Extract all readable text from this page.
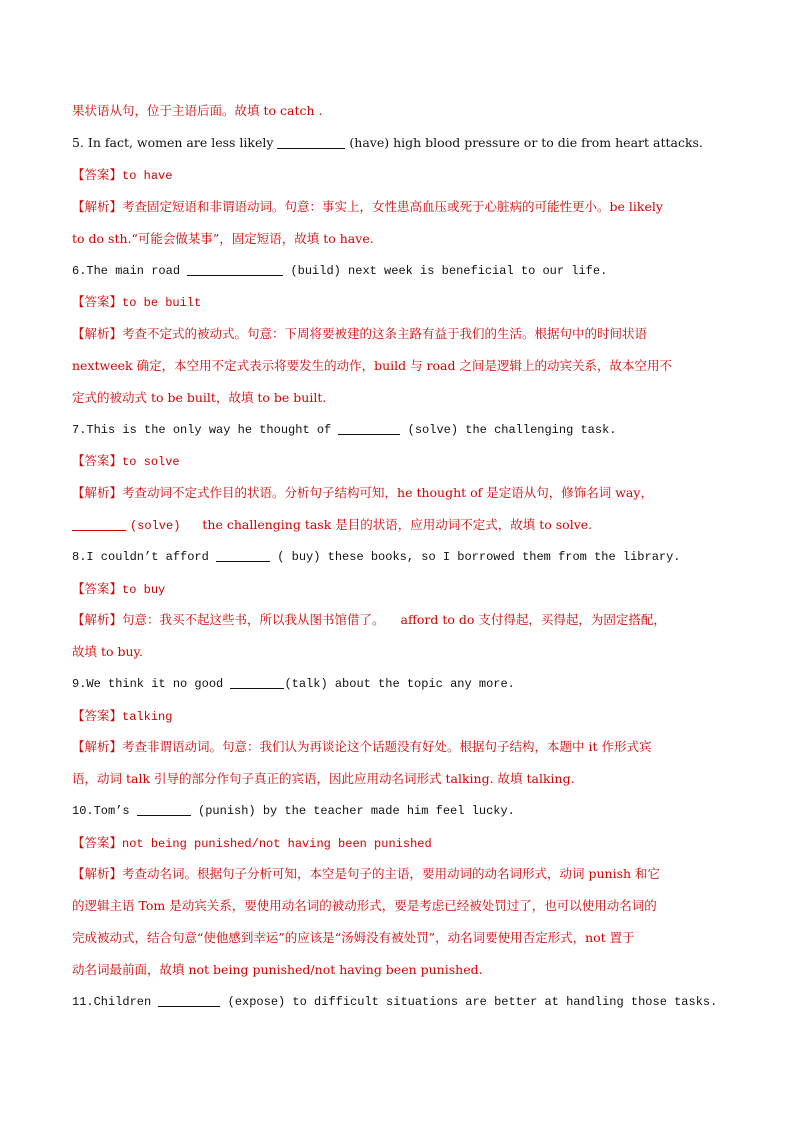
果状语从句，位于主语后面。故填 to catch .
5. In fact, women are less likely	(have) high blood pressure or to die from heart attacks.
【答案】to have
【解析】考查固定短语和非谓语动词。句意：事实上，女性患高血压或死于心脏病的可能性更小。be likely
to do sth.“可能会做某事”，固定短语，故填 to have.
6.The main road	(build) next week is beneficial to our life.
【答案】to be built
【解析】考查不定式的被动式。句意：下周将要被建的这条主路有益于我们的生活。根据句中的时间状语
nextweek 确定，本空用不定式表示将要发生的动作，build 与 road 之间是逻辑上的动宾关系，故本空用不
定式的被动式 to be built，故填 to be built.
7.This is the only way he thought of	(solve) the challenging task.
【答案】to solve
【解析】考查动词不定式作目的状语。分析句子结构可知，he thought of 是定语从句，修饰名词 way，
(solve) the challenging task 是目的状语，应用动词不定式，故填 to solve.
8.I couldn’t afford	( buy) these books, so I borrowed them from the library.
【答案】to buy
【解析】句意：我买不起这些书，所以我从图书馆借了。 afford to do 支付得起，买得起，为固定搭配，
故填 to buy.
9.We think it no good	(talk) about the topic any more.
【答案】talking
【解析】考查非谓语动词。句意：我们认为再谈论这个话题没有好处。根据句子结构，本题中 it 作形式宾
语，动词 talk 引导的部分作句子真正的宾语，因此应用动名词形式 talking. 故填 talking.
10.Tom’s	(punish) by the teacher made him feel lucky.
【答案】not being punished/not having been punished
【解析】考查动名词。根据句子分析可知，本空是句子的主语，要用动词的动名词形式，动词 punish 和它
的逻辑主语 Tom 是动宾关系，要使用动名词的被动形式，要是考虑已经被处罚过了，也可以使用动名词的
完成被动式，结合句意“使他感到幸运”的应该是“汤姆没有被处罚”，动名词要使用否定形式，not 置于
动名词最前面，故填 not being punished/not having been punished.
11.Children	(expose) to difficult situations are better at handling those tasks.
